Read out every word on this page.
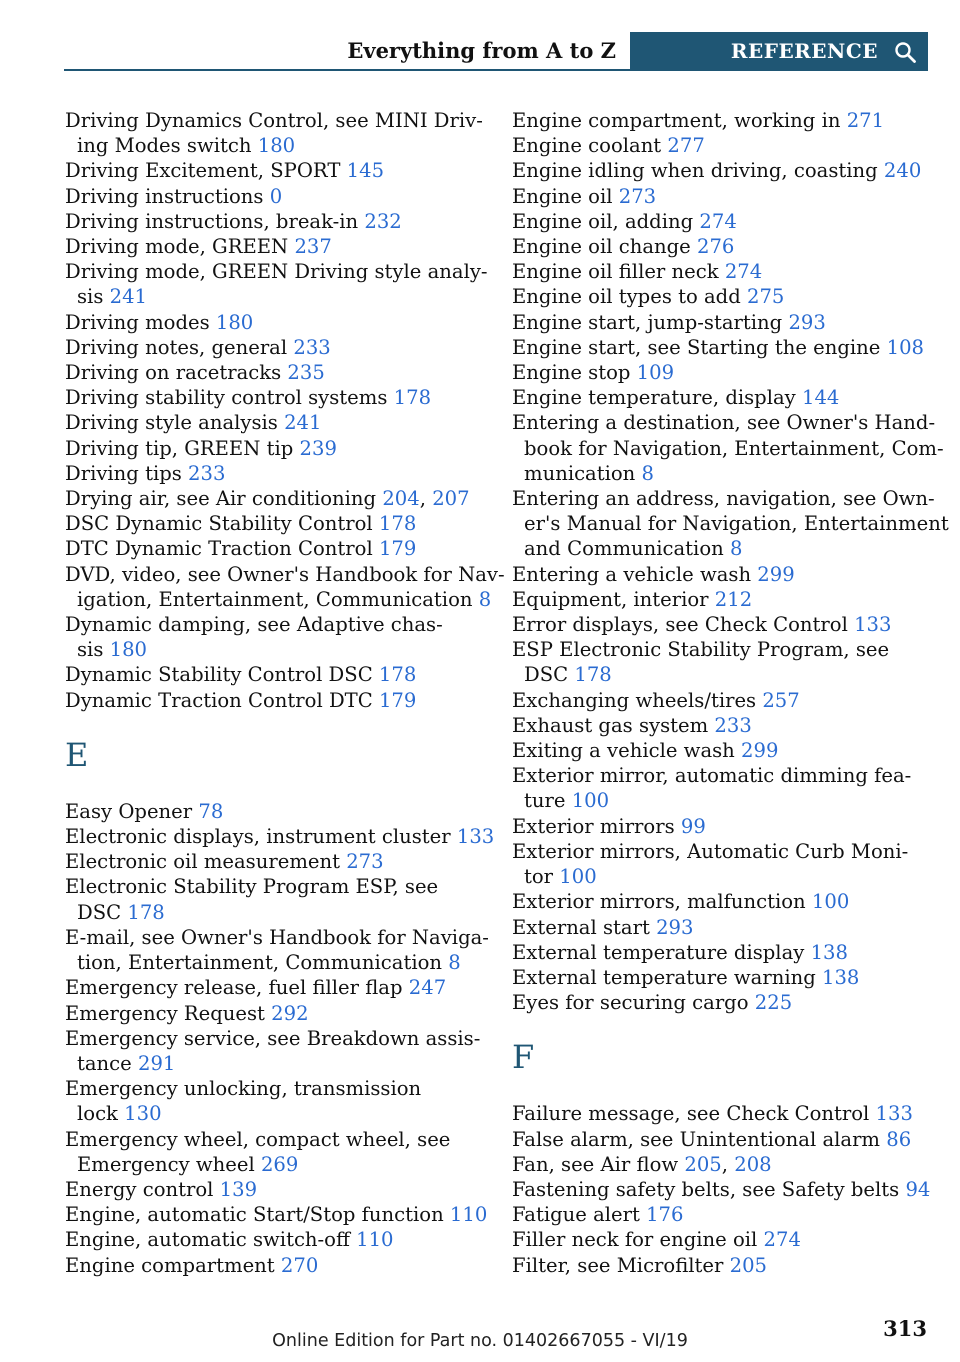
Everything from A to Z	REFERENCE
Driving Dynamics Control, see MINI Driv-
ing Modes switch 180
Driving Excitement, SPORT 145
Driving instructions 0
Driving instructions, break-in 232
Driving mode, GREEN 237
Driving mode, GREEN Driving style analy-
sis 241
Driving modes 180
Driving notes, general 233
Driving on racetracks 235
Driving stability control systems 178
Driving style analysis 241
Driving tip, GREEN tip 239
Driving tips 233
Drying air, see Air conditioning 204, 207
DSC Dynamic Stability Control 178
DTC Dynamic Traction Control 179
DVD, video, see Owner's Handbook for Nav-
igation, Entertainment, Communication 8
Dynamic damping, see Adaptive chas-
sis 180
Dynamic Stability Control DSC 178
Dynamic Traction Control DTC 179
E
Easy Opener 78
Electronic displays, instrument cluster 133
Electronic oil measurement 273
Electronic Stability Program ESP, see
DSC 178
E-mail, see Owner's Handbook for Naviga-
tion, Entertainment, Communication 8
Emergency release, fuel filler flap 247
Emergency Request 292
Emergency service, see Breakdown assis-
tance 291
Emergency unlocking, transmission
lock 130
Emergency wheel, compact wheel, see
Emergency wheel 269
Energy control 139
Engine, automatic Start/Stop function 110
Engine, automatic switch-off 110
Engine compartment 270
Engine compartment, working in 271
Engine coolant 277
Engine idling when driving, coasting 240
Engine oil 273
Engine oil, adding 274
Engine oil change 276
Engine oil filler neck 274
Engine oil types to add 275
Engine start, jump-starting 293
Engine start, see Starting the engine 108
Engine stop 109
Engine temperature, display 144
Entering a destination, see Owner's Hand-
book for Navigation, Entertainment, Com-
munication 8
Entering an address, navigation, see Own-
er's Manual for Navigation, Entertainment
and Communication 8
Entering a vehicle wash 299
Equipment, interior 212
Error displays, see Check Control 133
ESP Electronic Stability Program, see
DSC 178
Exchanging wheels/tires 257
Exhaust gas system 233
Exiting a vehicle wash 299
Exterior mirror, automatic dimming fea-
ture 100
Exterior mirrors 99
Exterior mirrors, Automatic Curb Moni-
tor 100
Exterior mirrors, malfunction 100
External start 293
External temperature display 138
External temperature warning 138
Eyes for securing cargo 225
F
Failure message, see Check Control 133
False alarm, see Unintentional alarm 86
Fan, see Air flow 205, 208
Fastening safety belts, see Safety belts 94
Fatigue alert 176
Filler neck for engine oil 274
Filter, see Microfilter 205
313
Online Edition for Part no. 01402667055 - VI/19
